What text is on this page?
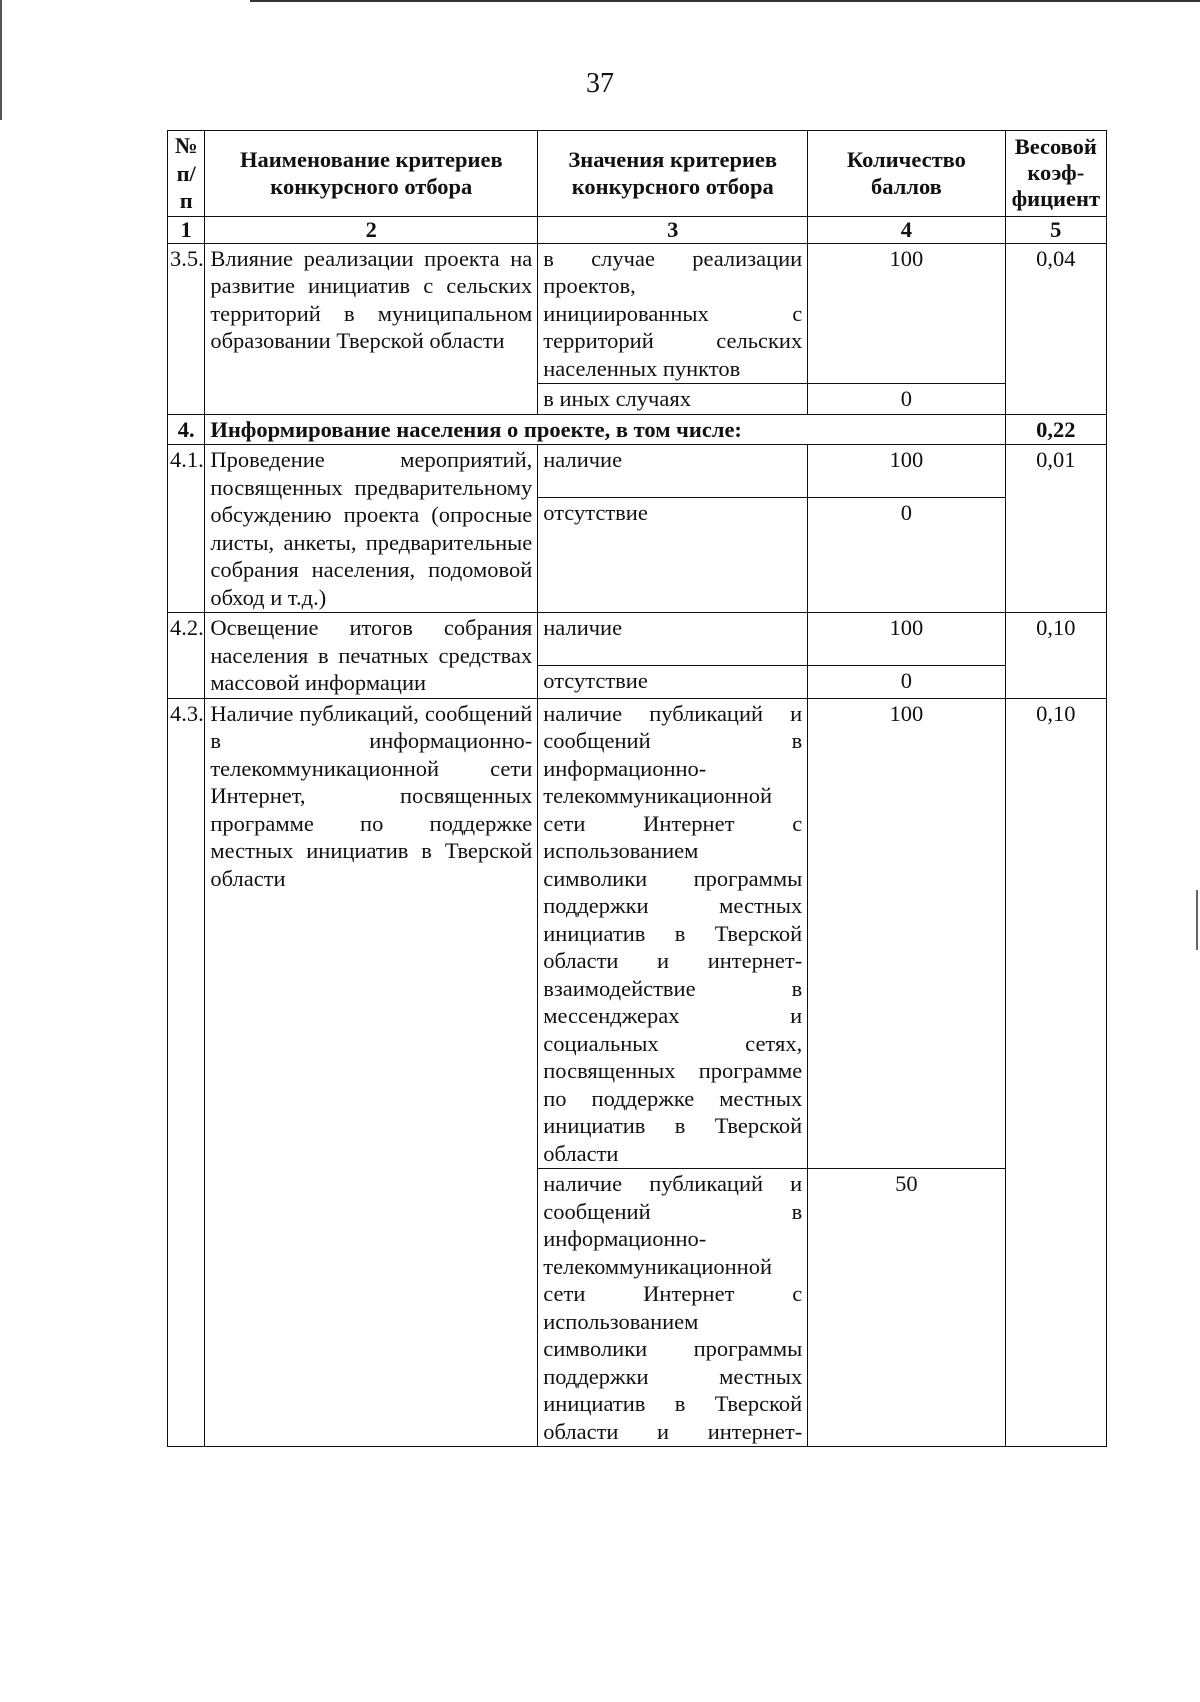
37
№ п/п	Наименование критериев конкурсного отбора	Значения критериев конкурсного отбора	Количество баллов	Весовой коэф-фициент
1	2	3	4	5
3.5.	Влияние реализации проекта на развитие инициатив с сельских территорий в муниципальном образовании Тверской области	в случае реализации проектов, инициированных с территорий сельских населенных пунктов	100	0,04
		в иных случаях	0	
4.	Информирование населения о проекте, в том числе:			0,22
4.1.	Проведение мероприятий, посвященных предварительному обсуждению проекта (опросные листы, анкеты, предварительные собрания населения, подомовой обход и т.д.)	наличие	100	0,01
		отсутствие	0	
4.2.	Освещение итогов собрания населения в печатных средствах массовой информации	наличие	100	0,10
		отсутствие	0	
4.3.	Наличие публикаций, сообщений в информационно-телекоммуникационной сети Интернет, посвященных программе по поддержке местных инициатив в Тверской области	наличие публикаций и сообщений в информационно-телекоммуникационной сети Интернет с использованием символики программы поддержки местных инициатив в Тверской области и интернет-взаимодействие в мессенджерах и социальных сетях, посвященных программе по поддержке местных инициатив в Тверской области	100	0,10
		наличие публикаций и сообщений в информационно-телекоммуникационной сети Интернет с использованием символики программы поддержки местных инициатив в Тверской области и интернет-	50	
